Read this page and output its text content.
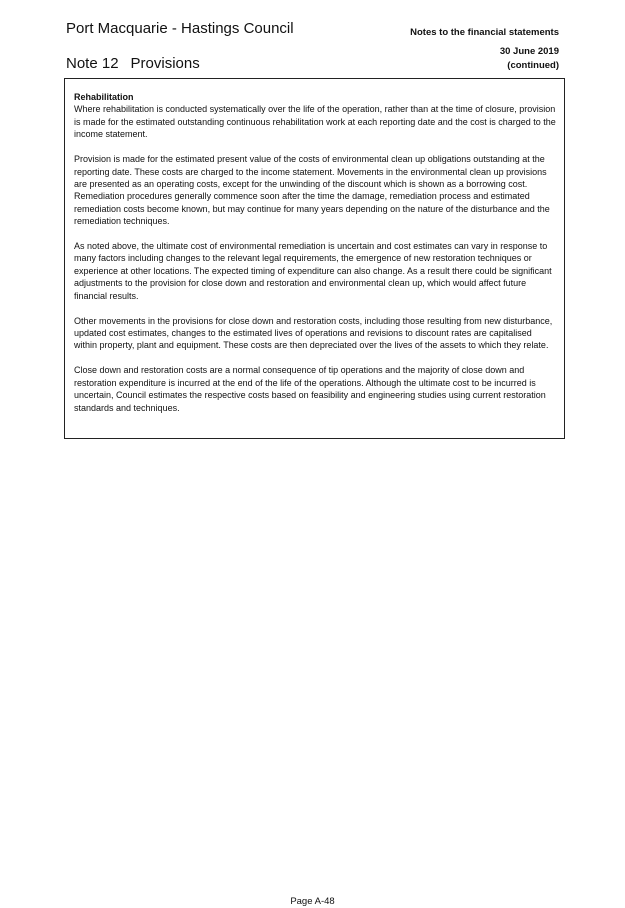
Port Macquarie - Hastings Council
Note 12 Provisions
Notes to the financial statements
30 June 2019
(continued)

Rehabilitation

Where rehabilitation is conducted systematically over the life of the operation, rather than at the time of closure, provision is made for the estimated outstanding continuous rehabilitation work at each reporting date and the cost is charged to the income statement.

Provision is made for the estimated present value of the costs of environmental clean up obligations outstanding at the reporting date. These costs are charged to the income statement. Movements in the environmental clean up provisions are presented as an operating costs, except for the unwinding of the discount which is shown as a borrowing cost. Remediation procedures generally commence soon after the time the damage, remediation process and estimated remediation costs become known, but may continue for many years depending on the nature of the disturbance and the remediation techniques.

As noted above, the ultimate cost of environmental remediation is uncertain and cost estimates can vary in response to many factors including changes to the relevant legal requirements, the emergence of new restoration techniques or experience at other locations. The expected timing of expenditure can also change. As a result there could be significant adjustments to the provision for close down and restoration and environmental clean up, which would affect future financial results.

Other movements in the provisions for close down and restoration costs, including those resulting from new disturbance, updated cost estimates, changes to the estimated lives of operations and revisions to discount rates are capitalised within property, plant and equipment. These costs are then depreciated over the lives of the assets to which they relate.

Close down and restoration costs are a normal consequence of tip operations and the majority of close down and restoration expenditure is incurred at the end of the life of the operations. Although the ultimate cost to be incurred is uncertain, Council estimates the respective costs based on feasibility and engineering studies using current restoration standards and techniques.

Page A-48
